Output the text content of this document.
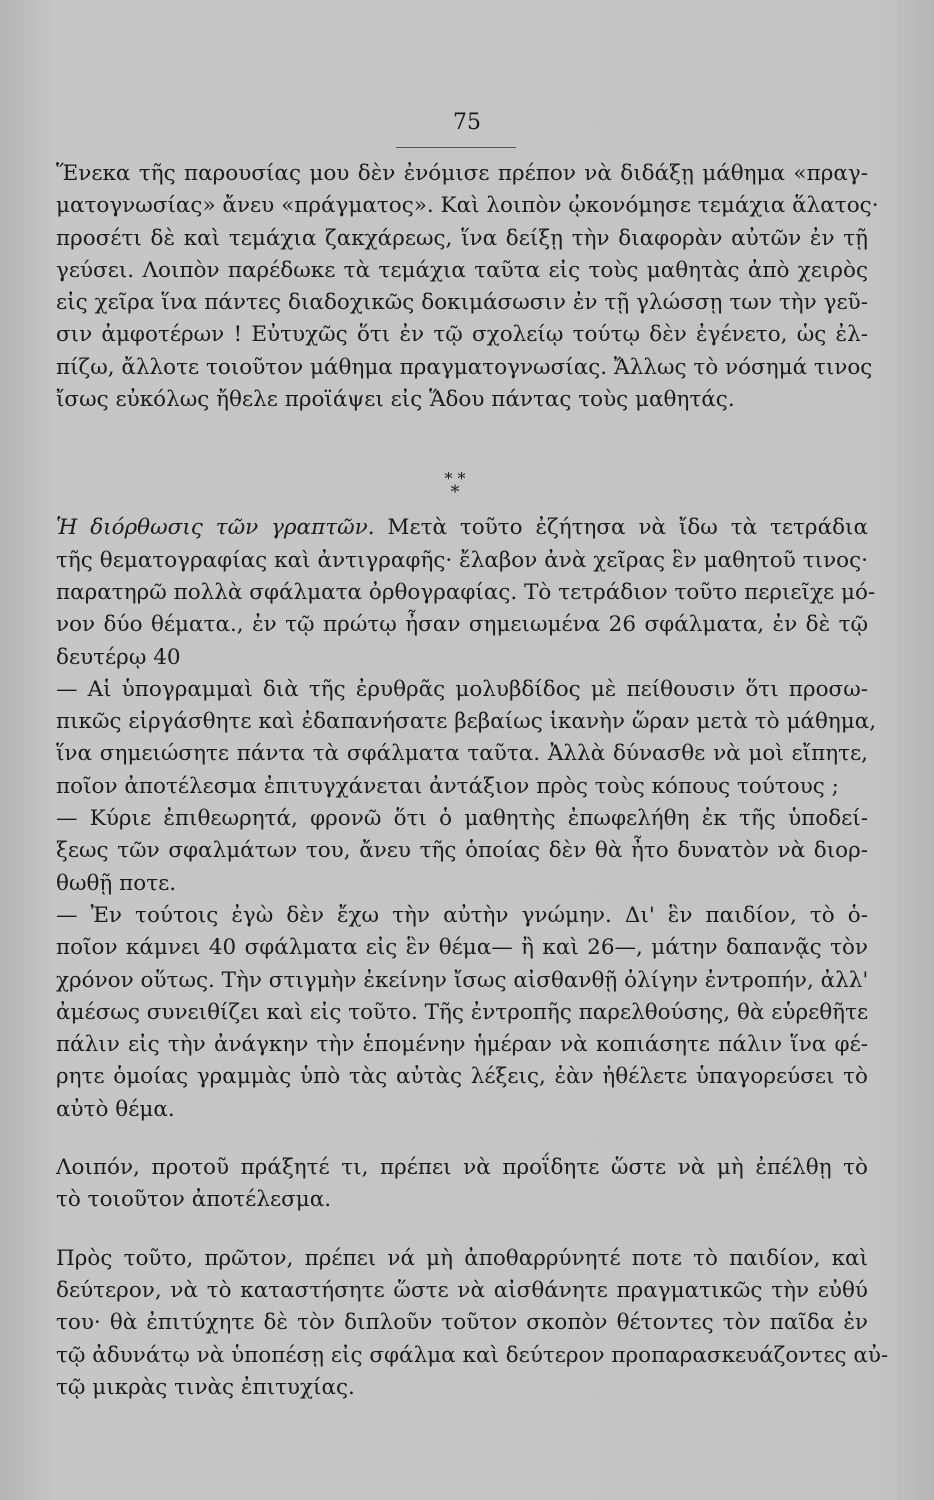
75
* *
*
Ἕνεκα τῆς παρουσίας μου δὲν ἐνόμισε πρέπον νὰ διδάξῃ μάθημα «πραγ-
ματογνωσίας» ἄνευ «πράγματος». Καὶ λοιπὸν ᾠκονόμησε τεμάχια ἅλατος·
προσέτι δὲ καὶ τεμάχια ζακχάρεως, ἵνα δείξῃ τὴν διαφορὰν αὐτῶν ἐν τῇ
γεύσει. Λοιπὸν παρέδωκε τὰ τεμάχια ταῦτα εἰς τοὺς μαθητὰς ἀπὸ χειρὸς
εἰς χεῖρα ἵνα πάντες διαδοχικῶς δοκιμάσωσιν ἐν τῇ γλώσσῃ των τὴν γεῦ-
σιν ἀμφοτέρων ! Εὐτυχῶς ὅτι ἐν τῷ σχολείῳ τούτῳ δὲν ἐγένετο, ὡς ἐλ-
πίζω, ἄλλοτε τοιοῦτον μάθημα πραγματογνωσίας. Ἄλλως τὸ νόσημά τινος
ἴσως εὐκόλως ἤθελε προϊάψει εἰς Ἅδου πάντας τοὺς μαθητάς.
Ἡ διόρθωσις τῶν γραπτῶν. Μετὰ τοῦτο ἐζήτησα νὰ ἴδω τὰ τετράδια
τῆς θεματογραφίας καὶ ἀντιγραφῆς· ἔλαβον ἀνὰ χεῖρας ἓν μαθητοῦ τινος·
παρατηρῶ πολλὰ σφάλματα ὀρθογραφίας. Τὸ τετράδιον τοῦτο περιεῖχε μό-
νον δύο θέματα., ἐν τῷ πρώτῳ ἦσαν σημειωμένα 26 σφάλματα, ἐν δὲ τῷ
δευτέρῳ 40
— Αἱ ὑπογραμμαὶ διὰ τῆς ἐρυθρᾶς μολυβδίδος μὲ πείθουσιν ὅτι προσω-
πικῶς εἰργάσθητε καὶ ἐδαπανήσατε βεβαίως ἱκανὴν ὥραν μετὰ τὸ μάθημα,
ἵνα σημειώσητε πάντα τὰ σφάλματα ταῦτα. Ἀλλὰ δύνασθε νὰ μοὶ εἴπητε,
ποῖον ἀποτέλεσμα ἐπιτυγχάνεται ἀντάξιον πρὸς τοὺς κόπους τούτους ;
— Κύριε ἐπιθεωρητά, φρονῶ ὅτι ὁ μαθητὴς ἐπωφελήθη ἐκ τῆς ὑποδεί-
ξεως τῶν σφαλμάτων του, ἄνευ τῆς ὁποίας δὲν θὰ ἦτο δυνατὸν νὰ διορ-
θωθῇ ποτε.
— Ἐν τούτοις ἐγὼ δὲν ἔχω τὴν αὐτὴν γνώμην. Δι' ἓν παιδίον, τὸ ὁ-
ποῖον κάμνει 40 σφάλματα εἰς ἓν θέμα— ἢ καὶ 26—, μάτην δαπανᾷς τὸν
χρόνον οὕτως. Τὴν στιγμὴν ἐκείνην ἴσως αἰσθανθῇ ὀλίγην ἐντροπήν, ἀλλ'
ἀμέσως συνειθίζει καὶ εἰς τοῦτο. Τῆς ἐντροπῆς παρελθούσης, θὰ εὑρεθῆτε
πάλιν εἰς τὴν ἀνάγκην τὴν ἑπομένην ἡμέραν νὰ κοπιάσητε πάλιν ἵνα φέ-
ρητε ὁμοίας γραμμὰς ὑπὸ τὰς αὐτὰς λέξεις, ἐὰν ἠθέλετε ὑπαγορεύσει τὸ
αὐτὸ θέμα.
Λοιπόν, προτοῦ πράξητέ τι, πρέπει νὰ προΐδητε ὥστε νὰ μὴ ἐπέλθῃ τὸ
τὸ τοιοῦτον ἀποτέλεσμα.
Πρὸς τοῦτο, πρῶτον, πρέπει νά μὴ ἀποθαρρύνητέ ποτε τὸ παιδίον, καὶ
δεύτερον, νὰ τὸ καταστήσητε ὥστε νὰ αἰσθάνητε πραγματικῶς τὴν εὐθύ
του· θὰ ἐπιτύχητε δὲ τὸν διπλοῦν τοῦτον σκοπὸν θέτοντες τὸν παῖδα ἐν
τῷ ἀδυνάτῳ νὰ ὑποπέσῃ εἰς σφάλμα καὶ δεύτερον προπαρασκευάζοντες αὐ-
τῷ μικρὰς τινὰς ἐπιτυχίας.
